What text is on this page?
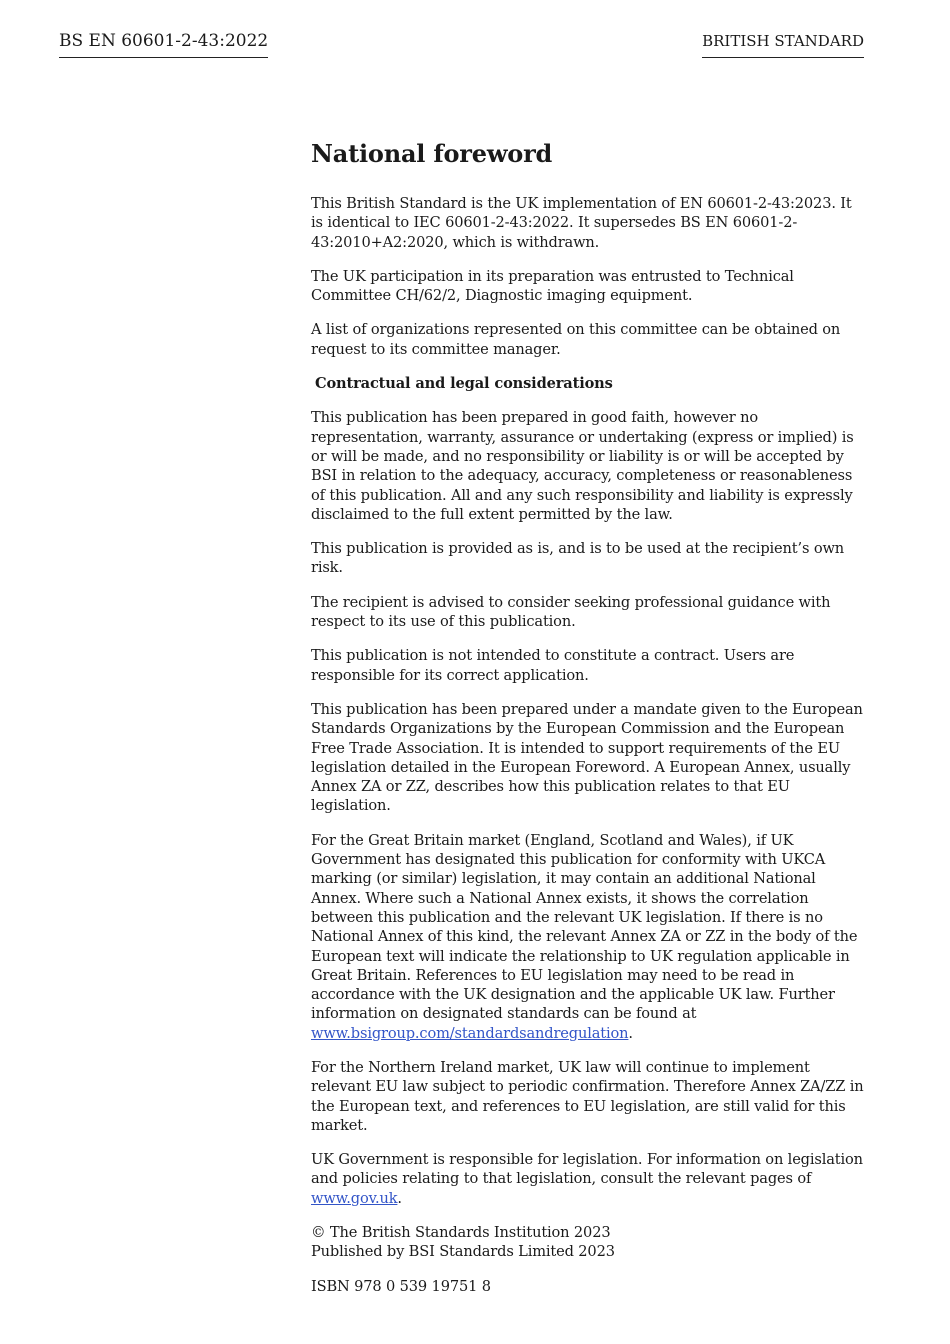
BS EN 60601-2-43:2022	BRITISH STANDARD
National foreword

This British Standard is the UK implementation of EN 60601-2-43:2023. It is identical to IEC 60601-2-43:2022. It supersedes BS EN 60601-2-43:2010+A2:2020, which is withdrawn.

The UK participation in its preparation was entrusted to Technical Committee CH/62/2, Diagnostic imaging equipment.

A list of organizations represented on this committee can be obtained on request to its committee manager.

Contractual and legal considerations

This publication has been prepared in good faith, however no representation, warranty, assurance or undertaking (express or implied) is or will be made, and no responsibility or liability is or will be accepted by BSI in relation to the adequacy, accuracy, completeness or reasonableness of this publication. All and any such responsibility and liability is expressly disclaimed to the full extent permitted by the law.

This publication is provided as is, and is to be used at the recipient’s own risk.

The recipient is advised to consider seeking professional guidance with respect to its use of this publication.

This publication is not intended to constitute a contract. Users are responsible for its correct application.

This publication has been prepared under a mandate given to the European Standards Organizations by the European Commission and the European Free Trade Association. It is intended to support requirements of the EU legislation detailed in the European Foreword. A European Annex, usually Annex ZA or ZZ, describes how this publication relates to that EU legislation.

For the Great Britain market (England, Scotland and Wales), if UK Government has designated this publication for conformity with UKCA marking (or similar) legislation, it may contain an additional National Annex. Where such a National Annex exists, it shows the correlation between this publication and the relevant UK legislation. If there is no National Annex of this kind, the relevant Annex ZA or ZZ in the body of the European text will indicate the relationship to UK regulation applicable in Great Britain. References to EU legislation may need to be read in accordance with the UK designation and the applicable UK law. Further information on designated standards can be found at www.bsigroup.com/standardsandregulation.

For the Northern Ireland market, UK law will continue to implement relevant EU law subject to periodic confirmation. Therefore Annex ZA/ZZ in the European text, and references to EU legislation, are still valid for this market.

UK Government is responsible for legislation. For information on legislation and policies relating to that legislation, consult the relevant pages of www.gov.uk.

© The British Standards Institution 2023
Published by BSI Standards Limited 2023

ISBN 978 0 539 19751 8
